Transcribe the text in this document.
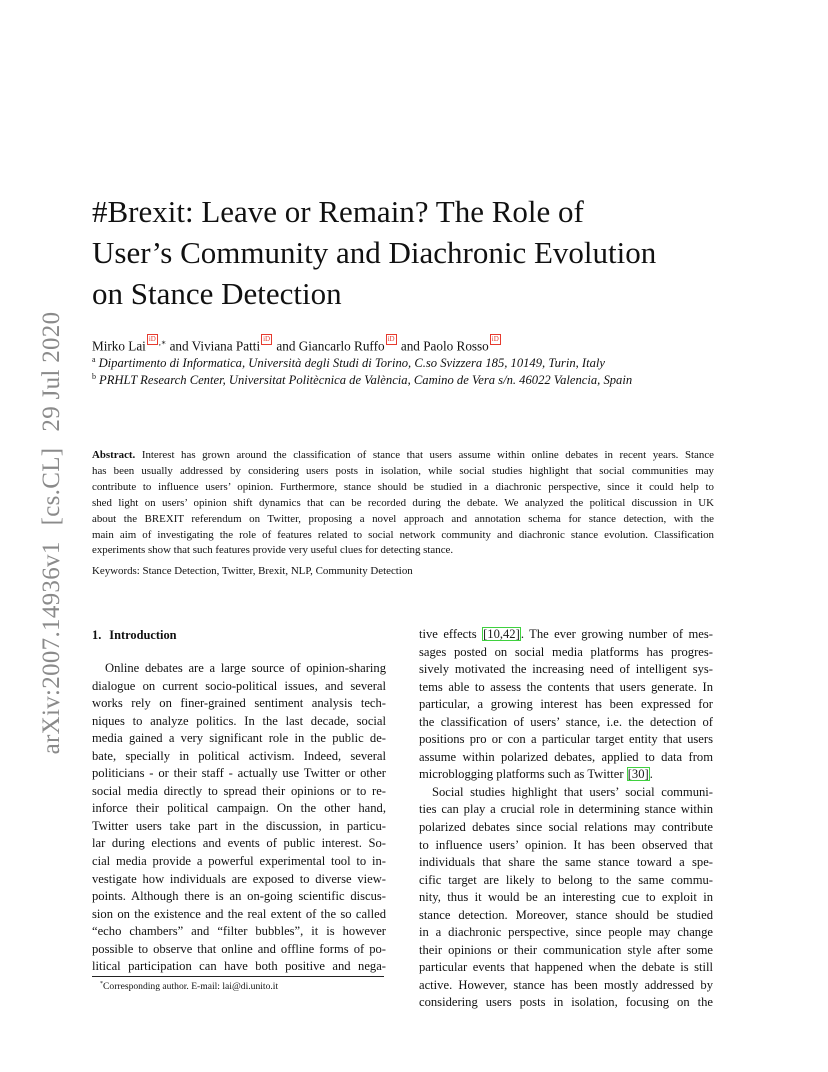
arXiv:2007.14936v1[cs.CL]29 Jul 2020
#Brexit: Leave or Remain? The Role of
User’s Community and Diachronic Evolution
on Stance Detection
Mirko Lai $^{iD ,∗}$ and Viviana Patti $^{iD}$ and Giancarlo Ruffo $^{iD}$ and Paolo Rosso $^{iD}$
$^a$ Dipartimento di Informatica, Università degli Studi di Torino, C.so Svizzera 185, 10149, Turin, Italy
$^b$ PRHLT Research Center, Universitat Politècnica de València, Camino de Vera s/n. 46022 Valencia, Spain
Abstract. Interest has grown around the classification of stance that users assume within online debates in recent years. Stance
has been usually addressed by considering users posts in isolation, while social studies highlight that social communities may
contribute to influence users’ opinion. Furthermore, stance should be studied in a diachronic perspective, since it could help to
shed light on users’ opinion shift dynamics that can be recorded during the debate. We analyzed the political discussion in UK
about the BREXIT referendum on Twitter, proposing a novel approach and annotation schema for stance detection, with the
main aim of investigating the role of features related to social network community and diachronic stance evolution. Classification
experiments show that such features provide very useful clues for detecting stance.
Keywords: Stance Detection, Twitter, Brexit, NLP, Community Detection
1. Introduction
Online debates are a large source of opinion-sharing
dialogue on current socio-political issues, and several
works rely on finer-grained sentiment analysis tech-
niques to analyze politics. In the last decade, social
media gained a very significant role in the public de-
bate, specially in political activism. Indeed, several
politicians - or their staff - actually use Twitter or other
social media directly to spread their opinions or to re-
inforce their political campaign. On the other hand,
Twitter users take part in the discussion, in particu-
lar during elections and events of public interest. So-
cial media provide a powerful experimental tool to in-
vestigate how individuals are exposed to diverse view-
points. Although there is an on-going scientific discus-
sion on the existence and the real extent of the so called
“echo chambers” and “filter bubbles”, it is however
possible to observe that online and offline forms of po-
litical participation can have both positive and nega-
tive effects [10,42]. The ever growing number of mes-
sages posted on social media platforms has progres-
sively motivated the increasing need of intelligent sys-
tems able to assess the contents that users generate. In
particular, a growing interest has been expressed for
the classification of users’ stance, i.e. the detection of
positions pro or con a particular target entity that users
assume within polarized debates, applied to data from
microblogging platforms such as Twitter [30].
Social studies highlight that users’ social communi-
ties can play a crucial role in determining stance within
polarized debates since social relations may contribute
to influence users’ opinion. It has been observed that
individuals that share the same stance toward a spe-
cific target are likely to belong to the same commu-
nity, thus it would be an interesting cue to exploit in
stance detection. Moreover, stance should be studied
in a diachronic perspective, since people may change
their opinions or their communication style after some
particular events that happened when the debate is still
active. However, stance has been mostly addressed by
considering users posts in isolation, focusing on the
*Corresponding author. E-mail: lai@di.unito.it
